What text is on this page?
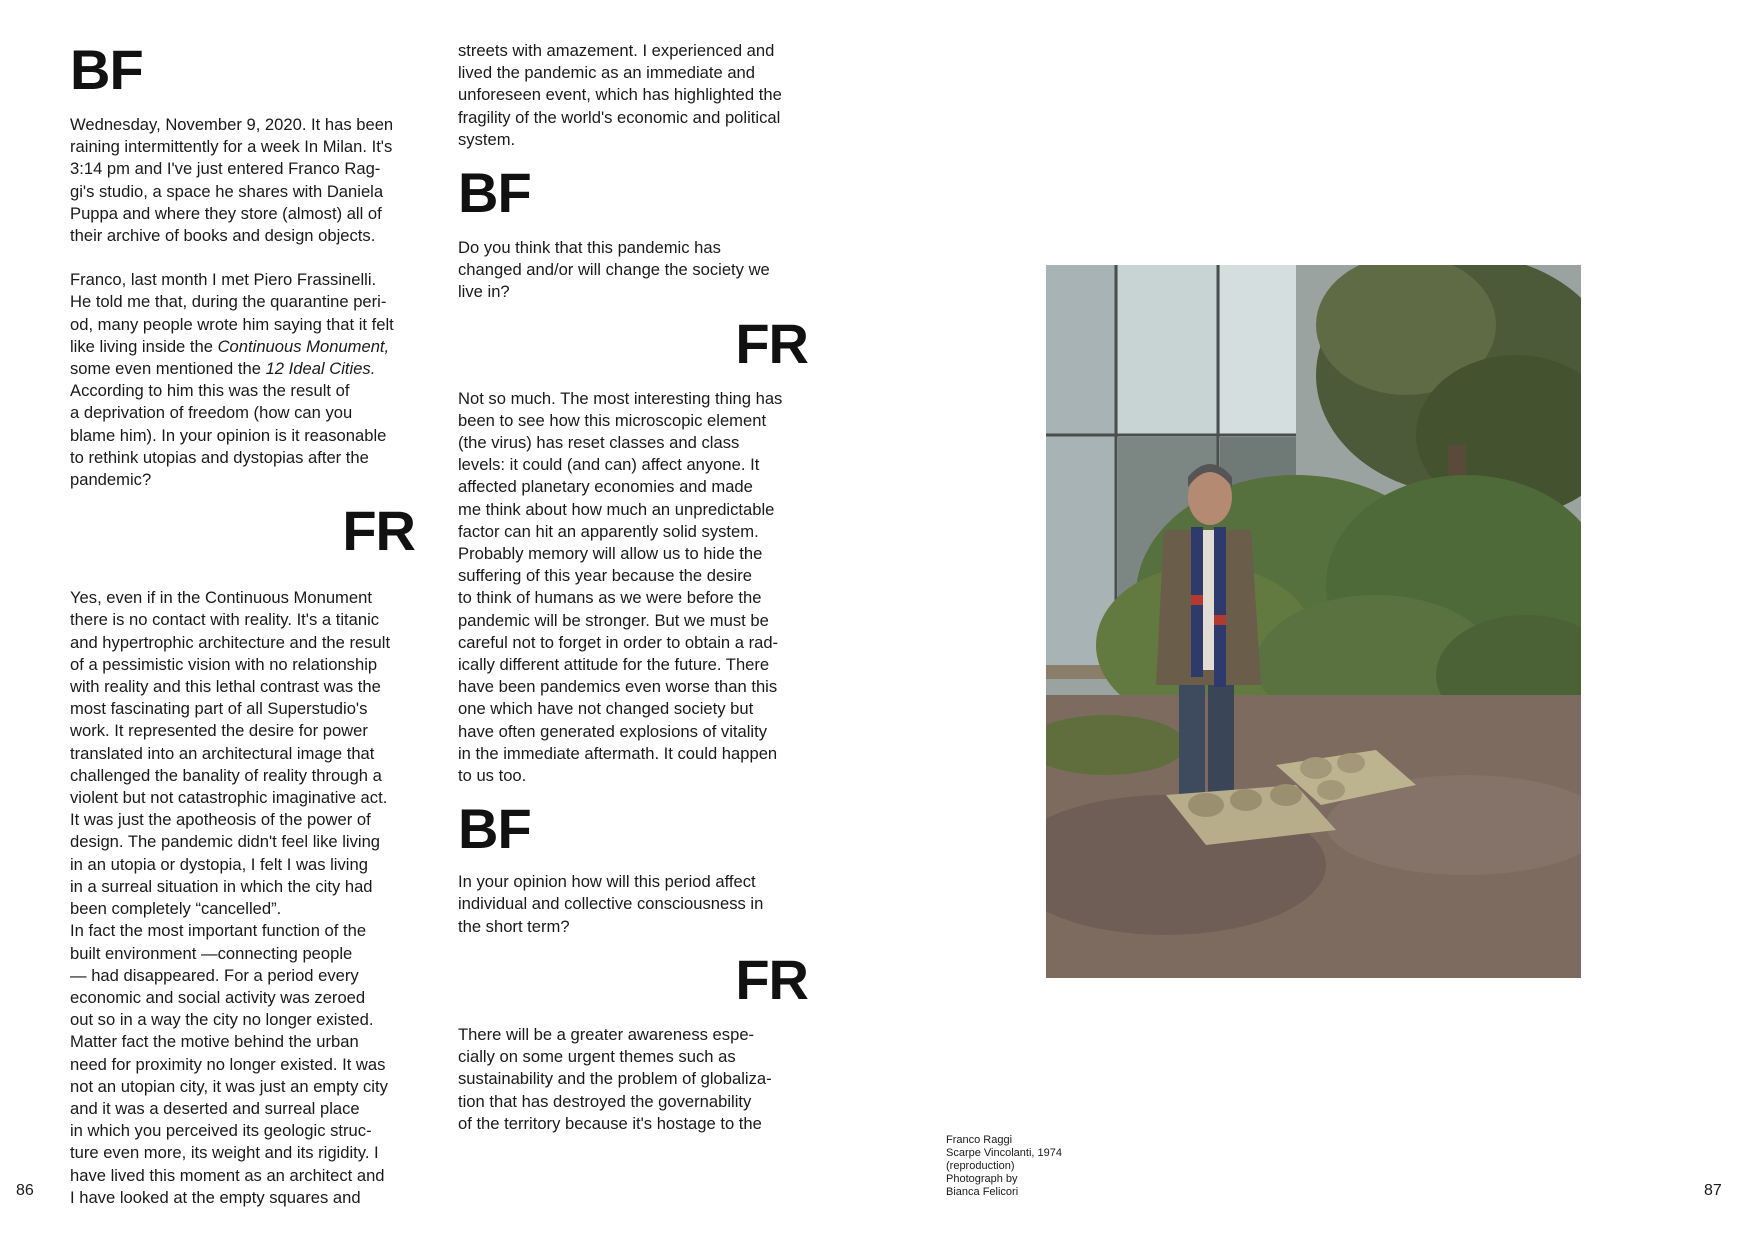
BF

Wednesday, November 9, 2020. It has been
raining intermittently for a week In Milan. It's
3:14 pm and I've just entered Franco Rag-
gi's studio, a space he shares with Daniela
Puppa and where they store (almost) all of
their archive of books and design objects.

Franco, last month I met Piero Frassinelli.
He told me that, during the quarantine peri-
od, many people wrote him saying that it felt
like living inside the Continuous Monument,
some even mentioned the 12 Ideal Cities.
According to him this was the result of
a deprivation of freedom (how can you
blame him). In your opinion is it reasonable
to rethink utopias and dystopias after the
pandemic?

FR

Yes, even if in the Continuous Monument
there is no contact with reality. It's a titanic
and hypertrophic architecture and the result
of a pessimistic vision with no relationship
with reality and this lethal contrast was the
most fascinating part of all Superstudio's
work. It represented the desire for power
translated into an architectural image that
challenged the banality of reality through a
violent but not catastrophic imaginative act.
It was just the apotheosis of the power of
design. The pandemic didn't feel like living
in an utopia or dystopia, I felt I was living
in a surreal situation in which the city had
been completely “cancelled”.
In fact the most important function of the
built environment —connecting people
— had disappeared. For a period every
economic and social activity was zeroed
out so in a way the city no longer existed.
Matter fact the motive behind the urban
need for proximity no longer existed. It was
not an utopian city, it was just an empty city
and it was a deserted and surreal place
in which you perceived its geologic struc-
ture even more, its weight and its rigidity. I
have lived this moment as an architect and
I have looked at the empty squares and

streets with amazement. I experienced and
lived the pandemic as an immediate and
unforeseen event, which has highlighted the
fragility of the world's economic and political
system.

BF

Do you think that this pandemic has
changed and/or will change the society we
live in?

FR

Not so much. The most interesting thing has
been to see how this microscopic element
(the virus) has reset classes and class
levels: it could (and can) affect anyone. It
affected planetary economies and made
me think about how much an unpredictable
factor can hit an apparently solid system.
Probably memory will allow us to hide the
suffering of this year because the desire
to think of humans as we were before the
pandemic will be stronger. But we must be
careful not to forget in order to obtain a rad-
ically different attitude for the future. There
have been pandemics even worse than this
one which have not changed society but
have often generated explosions of vitality
in the immediate aftermath. It could happen
to us too.

BF

In your opinion how will this period affect
individual and collective consciousness in
the short term?

FR

There will be a greater awareness espe-
cially on some urgent themes such as
sustainability and the problem of globaliza-
tion that has destroyed the governability
of the territory because it's hostage to the

86	87
Franco Raggi
Scarpe Vincolanti, 1974
(reproduction)
Photograph by
Bianca Felicori
